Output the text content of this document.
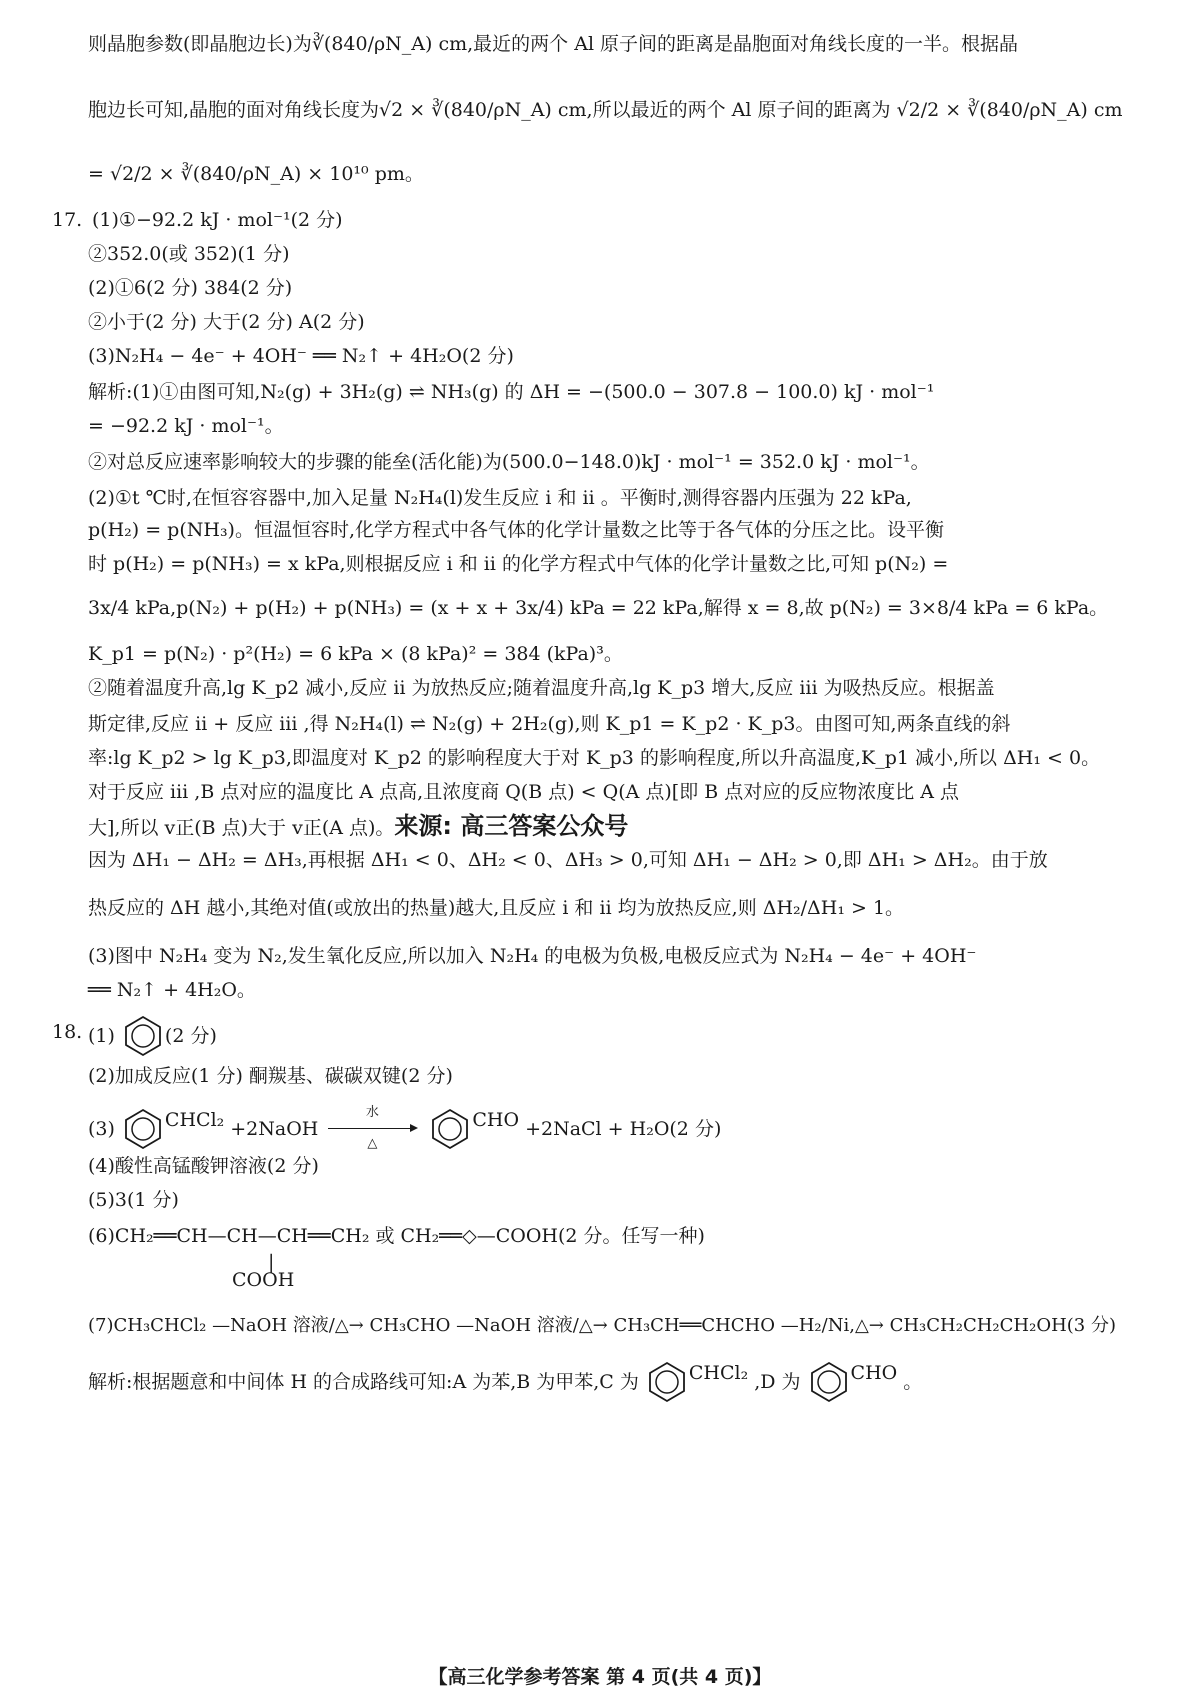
则晶胞参数(即晶胞边长)为∛(840/ρN_A) cm,最近的两个 Al 原子间的距离是晶胞面对角线长度的一半。根据晶
胞边长可知,晶胞的面对角线长度为√2 × ∛(840/ρN_A) cm,所以最近的两个 Al 原子间的距离为 √2/2 × ∛(840/ρN_A) cm
= √2/2 × ∛(840/ρN_A) × 10¹⁰ pm。
17. (1)①−92.2 kJ · mol⁻¹(2 分)
②352.0(或 352)(1 分)
(2)①6(2 分) 384(2 分)
②小于(2 分) 大于(2 分) A(2 分)
(3)N₂H₄ − 4e⁻ + 4OH⁻ ══ N₂↑ + 4H₂O(2 分)
解析:(1)①由图可知,N₂(g) + 3H₂(g) ⇌ NH₃(g) 的 ΔH = −(500.0 − 307.8 − 100.0) kJ · mol⁻¹
= −92.2 kJ · mol⁻¹。
②对总反应速率影响较大的步骤的能垒(活化能)为(500.0−148.0)kJ · mol⁻¹ = 352.0 kJ · mol⁻¹。
(2)①t ℃时,在恒容容器中,加入足量 N₂H₄(l)发生反应 ⅰ 和 ⅱ 。平衡时,测得容器内压强为 22 kPa,
p(H₂) = p(NH₃)。恒温恒容时,化学方程式中各气体的化学计量数之比等于各气体的分压之比。设平衡
时 p(H₂) = p(NH₃) = x kPa,则根据反应 ⅰ 和 ⅱ 的化学方程式中气体的化学计量数之比,可知 p(N₂) =
3x/4 kPa,p(N₂) + p(H₂) + p(NH₃) = (x + x + 3x/4) kPa = 22 kPa,解得 x = 8,故 p(N₂) = 3×8/4 kPa = 6 kPa。
K_p1 = p(N₂) · p²(H₂) = 6 kPa × (8 kPa)² = 384 (kPa)³。
②随着温度升高,lg K_p2 减小,反应 ⅱ 为放热反应;随着温度升高,lg K_p3 增大,反应 ⅲ 为吸热反应。根据盖
斯定律,反应 ⅱ + 反应 ⅲ ,得 N₂H₄(l) ⇌ N₂(g) + 2H₂(g),则 K_p1 = K_p2 · K_p3。由图可知,两条直线的斜
率:lg K_p2 > lg K_p3,即温度对 K_p2 的影响程度大于对 K_p3 的影响程度,所以升高温度,K_p1 减小,所以 ΔH₁ < 0。
对于反应 ⅲ ,B 点对应的温度比 A 点高,且浓度商 Q(B 点) < Q(A 点)[即 B 点对应的反应物浓度比 A 点
大],所以 v正(B 点)大于 v正(A 点)。来源: 高三答案公众号
因为 ΔH₁ − ΔH₂ = ΔH₃,再根据 ΔH₁ < 0、ΔH₂ < 0、ΔH₃ > 0,可知 ΔH₁ − ΔH₂ > 0,即 ΔH₁ > ΔH₂。由于放
热反应的 ΔH 越小,其绝对值(或放出的热量)越大,且反应 ⅰ 和 ⅱ 均为放热反应,则 ΔH₂/ΔH₁ > 1。
(3)图中 N₂H₄ 变为 N₂,发生氧化反应,所以加入 N₂H₄ 的电极为负极,电极反应式为 N₂H₄ − 4e⁻ + 4OH⁻
══ N₂↑ + 4H₂O。
18. (1)	(2 分)
(2)加成反应(1 分) 酮羰基、碳碳双键(2 分)
(3)	CHCl₂ +2NaOH
水
△
CHO +2NaCl + H₂O(2 分)
(4)酸性高锰酸钾溶液(2 分)
(5)3(1 分)
(6)CH₂══CH—CH—CH══CH₂ 或 CH₂══◇—COOH(2 分。任写一种)
|
COOH
(7)CH₃CHCl₂ —NaOH 溶液/△→ CH₃CHO —NaOH 溶液/△→ CH₃CH══CHCHO —H₂/Ni,△→ CH₃CH₂CH₂CH₂OH(3 分)
解析:根据题意和中间体 H 的合成路线可知:A 为苯,B 为甲苯,C 为	CHCl₂ ,D 为	CHO 。
【高三化学参考答案 第 4 页(共 4 页)】
